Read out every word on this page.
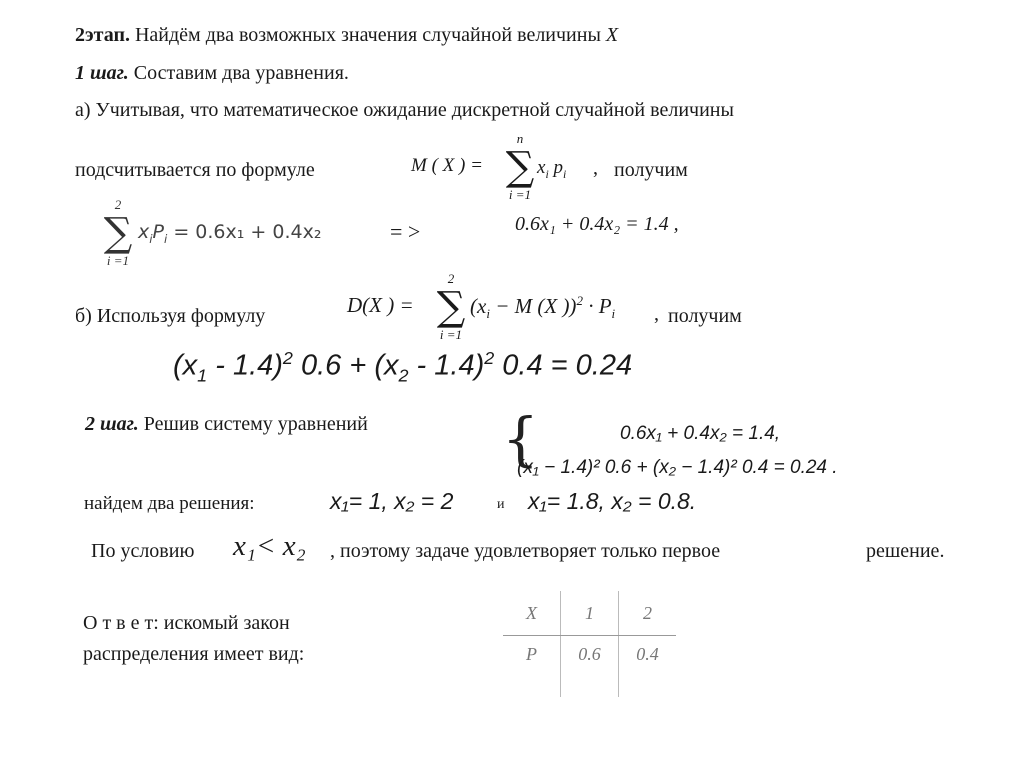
2этап. Найдём два возможных значения случайной величины X
1 шаг. Составим два уравнения.
а) Учитывая, что математическое ожидание дискретной случайной величины
подсчитывается по формуле	M ( X ) =
n
∑
i =1
$x_i$ $p_i$ , получим
2
∑
i =1
$x_iP_i = 0.6x_1 + 0.4x_2$	= >	0.6x₁ + 0.4x₂ = 1.4 ,
б) Используя формулу	D(X ) =
2
∑
i =1
($x_i - M$ (X ))$^2 \cdot P_i$ , получим
$(x_1 - 1.4)^2$ $0.6 + (x_2 - 1.4)^2$ 0.4 = 0.24
2 шаг. Решив систему уравнений {	0.6x₁ + 0.4x₂ = 1.4,
(x₁ − 1.4)² 0.6 + (x₂ − 1.4)² 0.4 = 0.24 .
найдем два решения:	x₁= 1, x₂ = 2	и x₁= 1.8, x₂ = 0.8.
По условию x₁< x₂ , поэтому задаче удовлетворяет только первое	решение.
О т в е т: искомый закон
распределения имеет вид:
X	1	2
P	0.6	0.4
